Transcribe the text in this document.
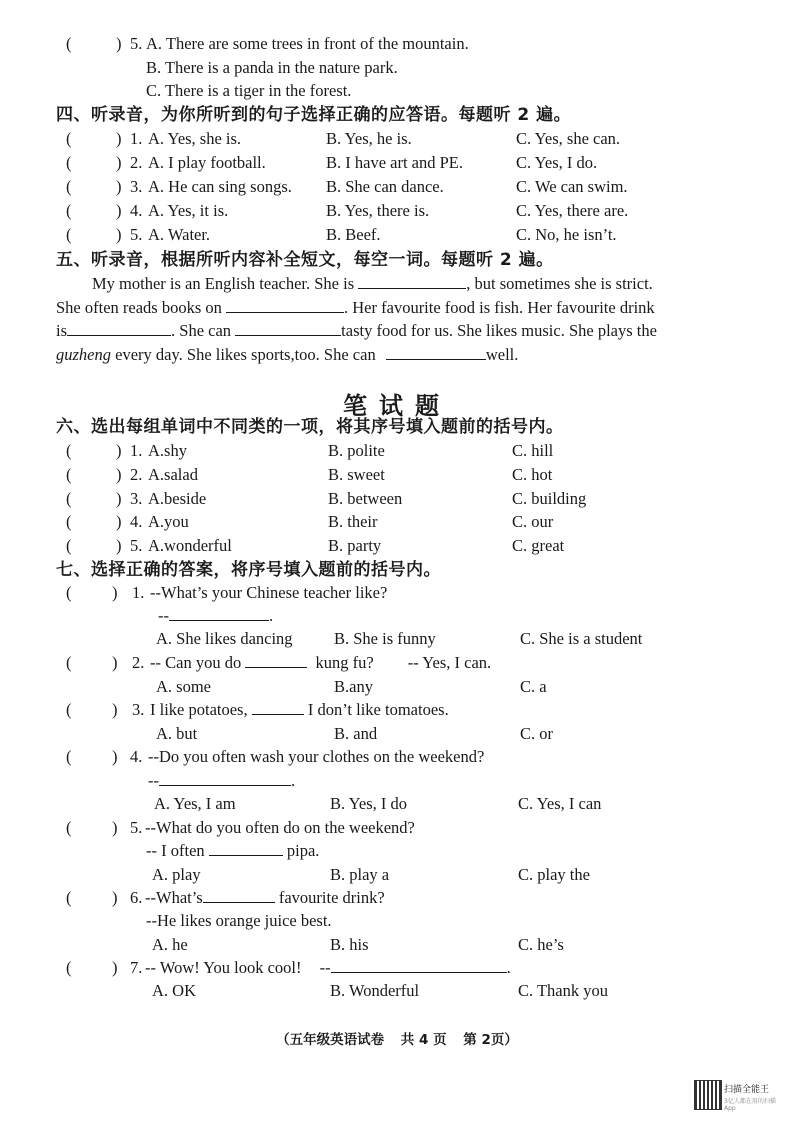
(	) 5. A. There are some trees in front of the mountain.
B. There is a panda in the nature park.
C. There is a tiger in the forest.
四、听录音，为你所听到的句子选择正确的应答语。每题听 2 遍。
(	) 1. A. Yes, she is.	B. Yes, he is.	C. Yes, she can.
(	) 2. A. I play football.	B. I have art and PE.	C. Yes, I do.
(	) 3. A. He can sing songs. B. She can dance.	C. We can swim.
(	) 4. A. Yes, it is.	B. Yes, there is.	C. Yes, there are.
(	) 5. A. Water.	B. Beef.	C. No, he isn’t.
五、听录音，根据所听内容补全短文，每空一词。每题听 2 遍。
My mother is an English teacher. She is	, but sometimes she is strict.
She often reads books on	. Her favourite food is fish. Her favourite drink
is	. She can	tasty food for us. She likes music. She plays the
guzheng every day. She likes sports,too. She can	well.
笔试题
六、选出每组单词中不同类的一项，将其序号填入题前的括号内。
(	) 1. A.shy	B. polite	C. hill
(	) 2. A.salad	B. sweet	C. hot
(	) 3. A.beside	B. between	C. building
(	) 4. A.you	B. their	C. our
(	) 5. A.wonderful	B. party	C. great
七、选择正确的答案，将序号填入题前的括号内。
( ) 1. --What’s your Chinese teacher like?
--	.
A. She likes dancing	B. She is funny	C. She is a student
( ) 2. -- Can you do	kung fu? -- Yes, I can.
A. some	B.any	C. a
( ) 3. I like potatoes,	I don’t like tomatoes.
A. but	B. and	C. or
( ) 4. --Do you often wash your clothes on the weekend?
--	.
A. Yes, I am	B. Yes, I do	C. Yes, I can
( ) 5. --What do you often do on the weekend?
-- I often	pipa.
A. play	B. play a	C. play the
( ) 6. --What’s	favourite drink?
--He likes orange juice best.
A. he	B. his	C. he’s
( ) 7. -- Wow! You look cool! --	.
A. OK	B. Wonderful	C. Thank you
（五年级英语试卷 共 4 页 第 2页）
扫描全能王
3亿人都在用的扫描App
